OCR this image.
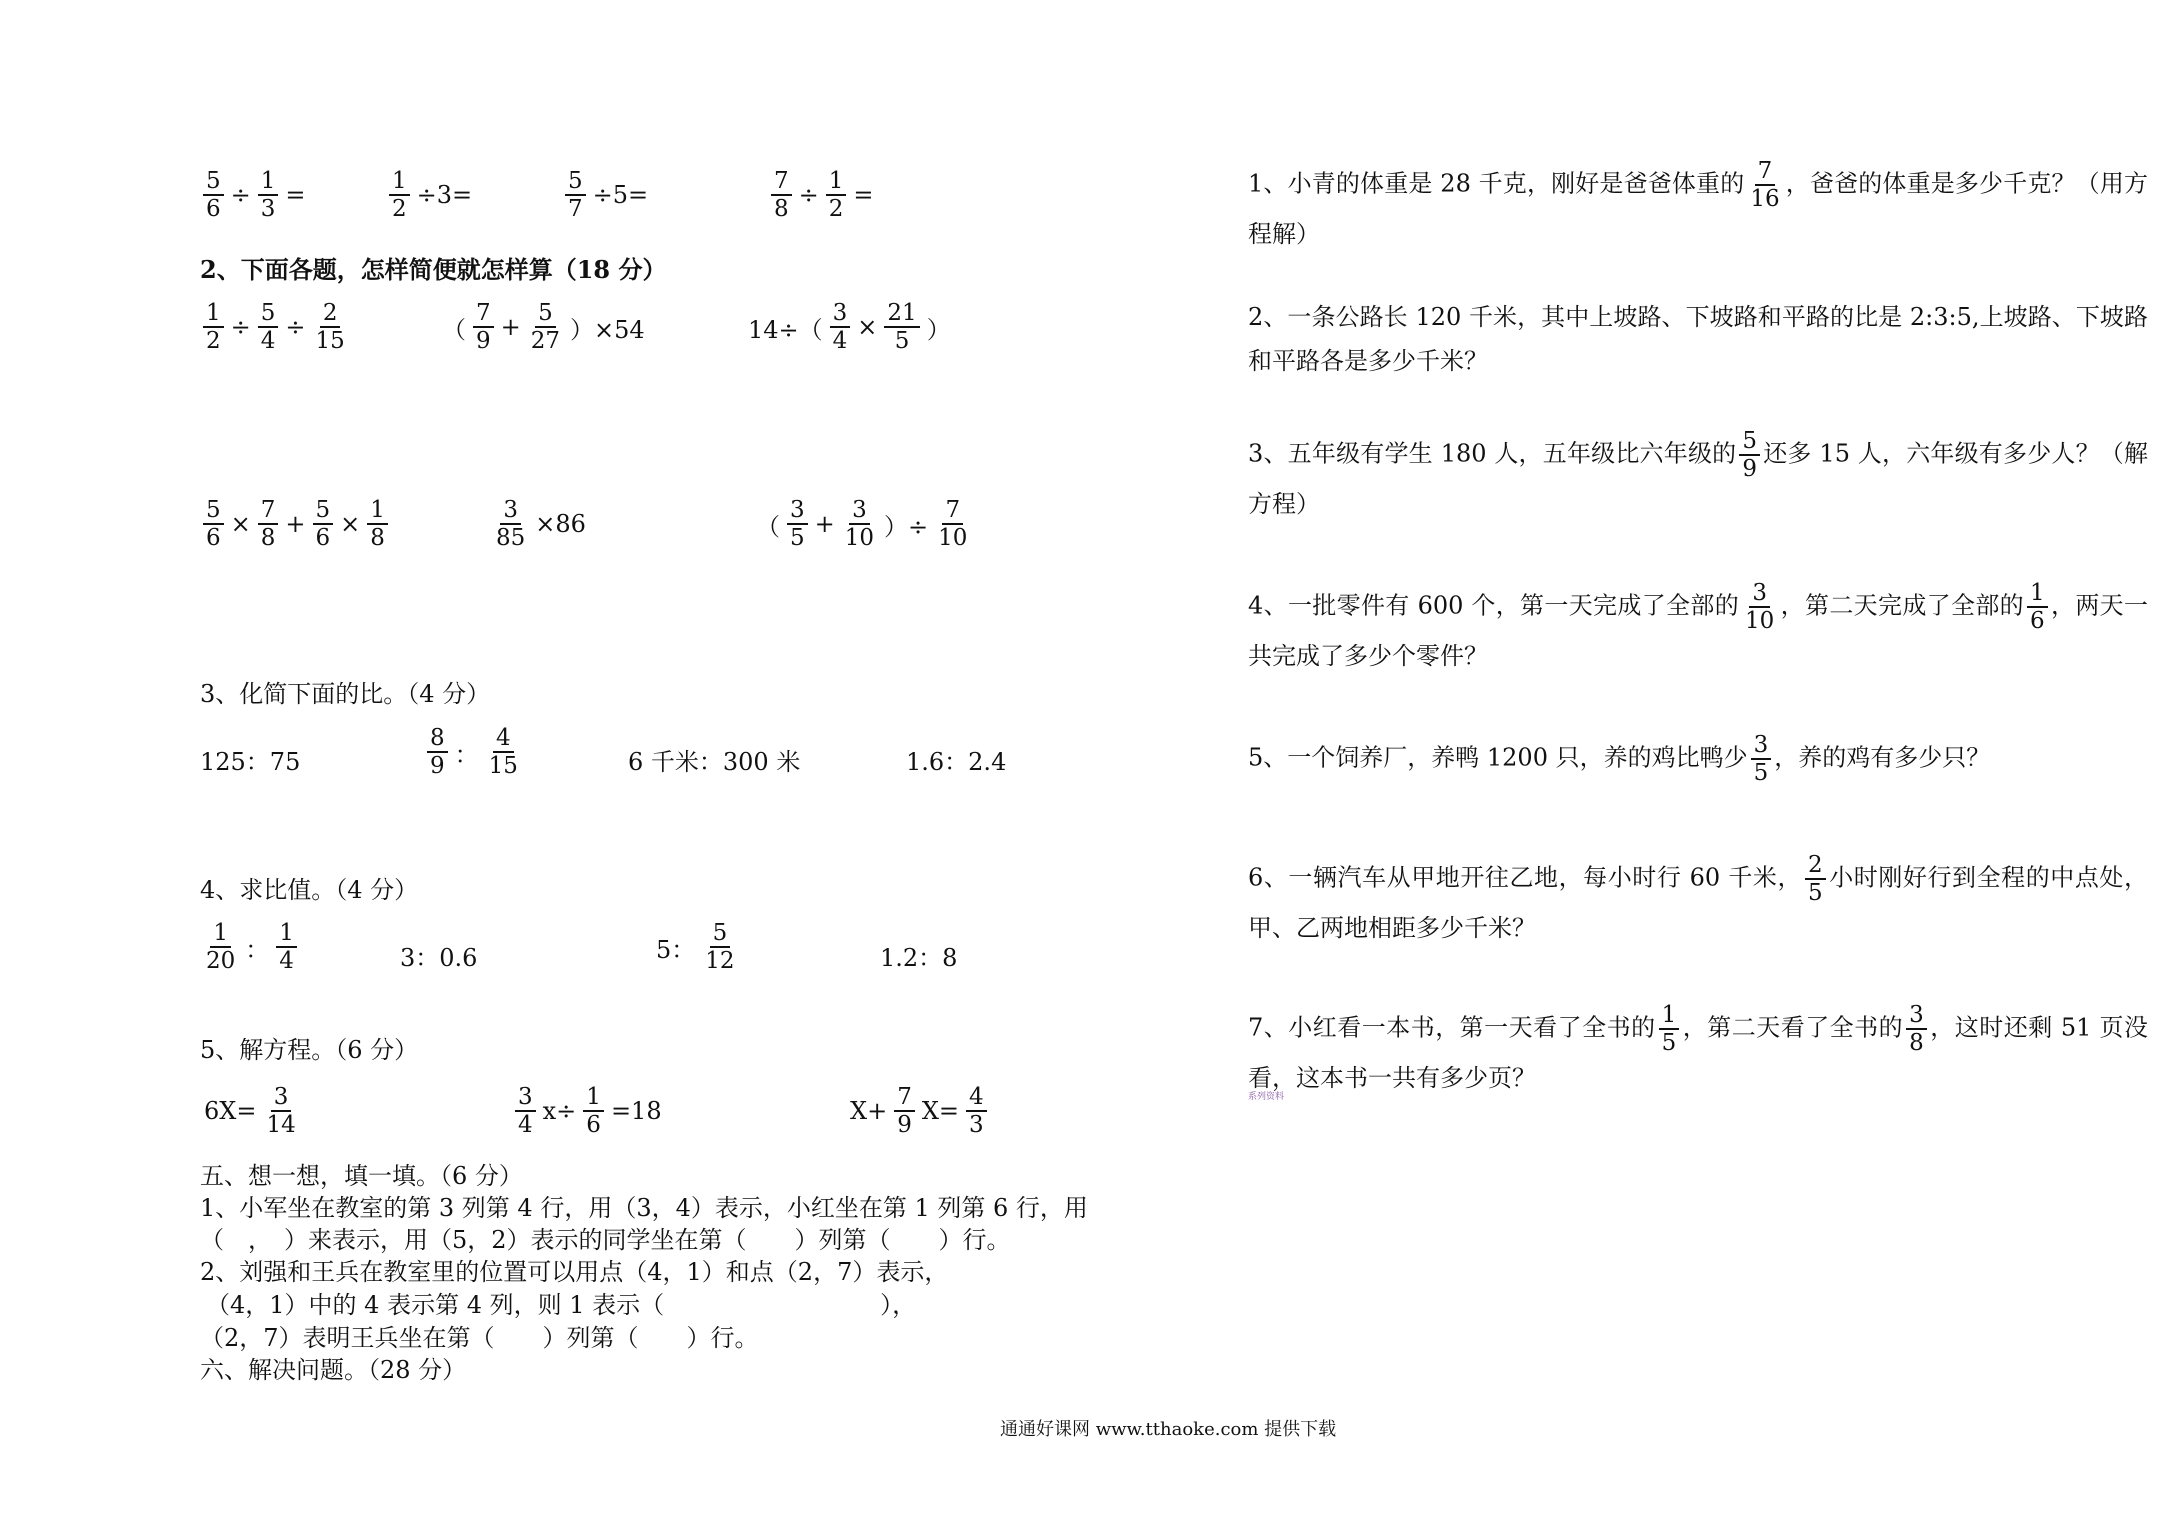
$\frac{5}{6} \div \frac{1}{3}$ =	$\frac{1}{2} \div 3=$	$\frac{5}{7} \div 5=$	$\frac{7}{8} \div \frac{1}{2}$ =
2、下面各题，怎样简便就怎样算（18 分）
$\frac{1}{2} \div \frac{5}{4} \div \frac{2}{15}$	（ $\frac{7}{9} + \frac{5}{27} )\times 54$	$14\div( \frac{3}{4} \times \frac{21}{5}$ ）
$\frac{5}{6} \times \frac{7}{8} + \frac{5}{6} \times \frac{1}{8}$	$\frac{3}{85} \times 86$	（ $\frac{3}{5} + \frac{3}{10}$ ）÷ $\frac{7}{10}$
3、化简下面的比。（4 分）
125：75	$\frac{8}{9}$ ： $\frac{4}{15}$	6 千米：300 米	1.6：2.4
4、求比值。（4 分）
$\frac{1}{20}$ ： $\frac{1}{4}$	3：0.6	5： $\frac{5}{12}$	1.2：8
5、解方程。（6 分）
$6X= \frac{3}{14}$	$\frac{3}{4} x\div \frac{1}{6} =18$	$X+ \frac{7}{9} X= \frac{4}{3}$
五、想一想，填一填。（6 分）
1、小军坐在教室的第 3 列第 4 行，用（3，4）表示，小红坐在第 1 列第 6 行，用
（　，　）来表示，用（5，2）表示的同学坐在第（　　）列第（　　）行。
2、刘强和王兵在教室里的位置可以用点（4，1）和点（2，7）表示，
（4，1）中的 4 表示第 4 列，则 1 表示（　　　　　　　　　），
（2，7）表明王兵坐在第（　　）列第（　　）行。
六、解决问题。（28 分）
1、小青的体重是 28 千克，刚好是爸爸体重的 $\frac{7}{16}$ ，爸爸的体重是多少千克？（用方程解）
2、一条公路长 120 千米，其中上坡路、下坡路和平路的比是 2:3:5,上坡路、下坡路和平路各是多少千米？
3、五年级有学生 180 人，五年级比六年级的 $\frac{5}{9}$ 还多 15 人，六年级有多少人？（解方程）
4、一批零件有 600 个，第一天完成了全部的 $\frac{3}{10}$ ，第二天完成了全部的 $\frac{1}{6}$ ，两天一共完成了多少个零件？
5、一个饲养厂，养鸭 1200 只，养的鸡比鸭少 $\frac{3}{5}$ ，养的鸡有多少只？
6、一辆汽车从甲地开往乙地，每小时行 60 千米， $\frac{2}{5}$ 小时刚好行到全程的中点处，甲、乙两地相距多少千米？
7、小红看一本书，第一天看了全书的 $\frac{1}{5}$ ，第二天看了全书的 $\frac{3}{8}$ ，这时还剩 51 页没看，这本书一共有多少页？
系列资料
通通好课网 www.tthaoke.com 提供下载
